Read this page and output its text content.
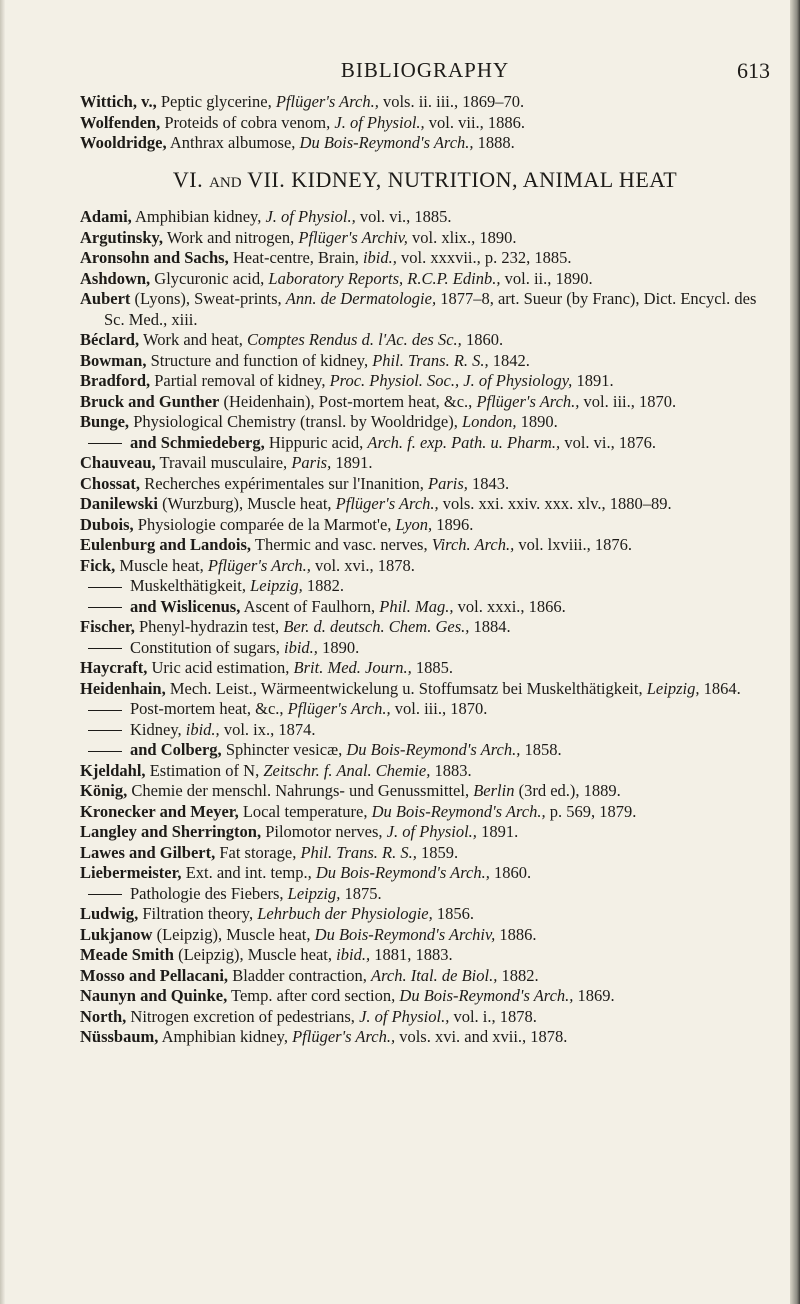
BIBLIOGRAPHY	613

Wittich, v., Peptic glycerine, Pflüger's Arch., vols. ii. iii., 1869–70.

Wolfenden, Proteids of cobra venom, J. of Physiol., vol. vii., 1886.

Wooldridge, Anthrax albumose, Du Bois-Reymond's Arch., 1888.

VI. AND VII. KIDNEY, NUTRITION, ANIMAL HEAT

Adami, Amphibian kidney, J. of Physiol., vol. vi., 1885.

Argutinsky, Work and nitrogen, Pflüger's Archiv, vol. xlix., 1890.

Aronsohn and Sachs, Heat-centre, Brain, ibid., vol. xxxvii., p. 232, 1885.

Ashdown, Glycuronic acid, Laboratory Reports, R.C.P. Edinb., vol. ii., 1890.

Aubert (Lyons), Sweat-prints, Ann. de Dermatologie, 1877–8, art. Sueur (by Franc), Dict. Encycl. des Sc. Med., xiii.

Béclard, Work and heat, Comptes Rendus d. l'Ac. des Sc., 1860.

Bowman, Structure and function of kidney, Phil. Trans. R. S., 1842.

Bradford, Partial removal of kidney, Proc. Physiol. Soc., J. of Physiology, 1891.

Bruck and Gunther (Heidenhain), Post-mortem heat, &c., Pflüger's Arch., vol. iii., 1870.

Bunge, Physiological Chemistry (transl. by Wooldridge), London, 1890.

and Schmiedeberg, Hippuric acid, Arch. f. exp. Path. u. Pharm., vol. vi., 1876.

Chauveau, Travail musculaire, Paris, 1891.

Chossat, Recherches expérimentales sur l'Inanition, Paris, 1843.

Danilewski (Wurzburg), Muscle heat, Pflüger's Arch., vols. xxi. xxiv. xxx. xlv., 1880–89.

Dubois, Physiologie comparée de la Marmot'e, Lyon, 1896.

Eulenburg and Landois, Thermic and vasc. nerves, Virch. Arch., vol. lxviii., 1876.

Fick, Muscle heat, Pflüger's Arch., vol. xvi., 1878.

Muskelthätigkeit, Leipzig, 1882.

and Wislicenus, Ascent of Faulhorn, Phil. Mag., vol. xxxi., 1866.

Fischer, Phenyl-hydrazin test, Ber. d. deutsch. Chem. Ges., 1884.

Constitution of sugars, ibid., 1890.

Haycraft, Uric acid estimation, Brit. Med. Journ., 1885.

Heidenhain, Mech. Leist., Wärmeentwickelung u. Stoffumsatz bei Muskelthätigkeit, Leipzig, 1864.

Post-mortem heat, &c., Pflüger's Arch., vol. iii., 1870.

Kidney, ibid., vol. ix., 1874.

and Colberg, Sphincter vesicæ, Du Bois-Reymond's Arch., 1858.

Kjeldahl, Estimation of N, Zeitschr. f. Anal. Chemie, 1883.

König, Chemie der menschl. Nahrungs- und Genussmittel, Berlin (3rd ed.), 1889.

Kronecker and Meyer, Local temperature, Du Bois-Reymond's Arch., p. 569, 1879.

Langley and Sherrington, Pilomotor nerves, J. of Physiol., 1891.

Lawes and Gilbert, Fat storage, Phil. Trans. R. S., 1859.

Liebermeister, Ext. and int. temp., Du Bois-Reymond's Arch., 1860.

Pathologie des Fiebers, Leipzig, 1875.

Ludwig, Filtration theory, Lehrbuch der Physiologie, 1856.

Lukjanow (Leipzig), Muscle heat, Du Bois-Reymond's Archiv, 1886.

Meade Smith (Leipzig), Muscle heat, ibid., 1881, 1883.

Mosso and Pellacani, Bladder contraction, Arch. Ital. de Biol., 1882.

Naunyn and Quinke, Temp. after cord section, Du Bois-Reymond's Arch., 1869.

North, Nitrogen excretion of pedestrians, J. of Physiol., vol. i., 1878.

Nüssbaum, Amphibian kidney, Pflüger's Arch., vols. xvi. and xvii., 1878.
